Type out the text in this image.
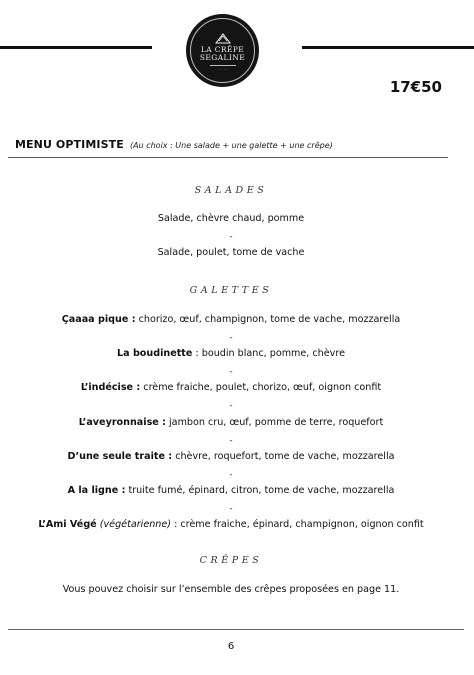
LA CRÊPE
SEGALINE
·· ··
17€50
MENU OPTIMISTE (Au choix : Une salade + une galette + une crêpe)
SALADES
Salade, chèvre chaud, pomme
-
Salade, poulet, tome de vache
GALETTES
Çaaaa pique : chorizo, œuf, champignon, tome de vache, mozzarella
-
La boudinette : boudin blanc, pomme, chèvre
-
L’indécise : crème fraiche, poulet, chorizo, œuf, oignon confit
-
L’aveyronnaise : jambon cru, œuf, pomme de terre, roquefort
-
D’une seule traite : chèvre, roquefort, tome de vache, mozzarella
-
A la ligne : truite fumé, épinard, citron, tome de vache, mozzarella
-
L’Ami Végé (végétarienne) : crème fraiche, épinard, champignon, oignon confit
CRÊPES
Vous pouvez choisir sur l’ensemble des crêpes proposées en page 11.
6
